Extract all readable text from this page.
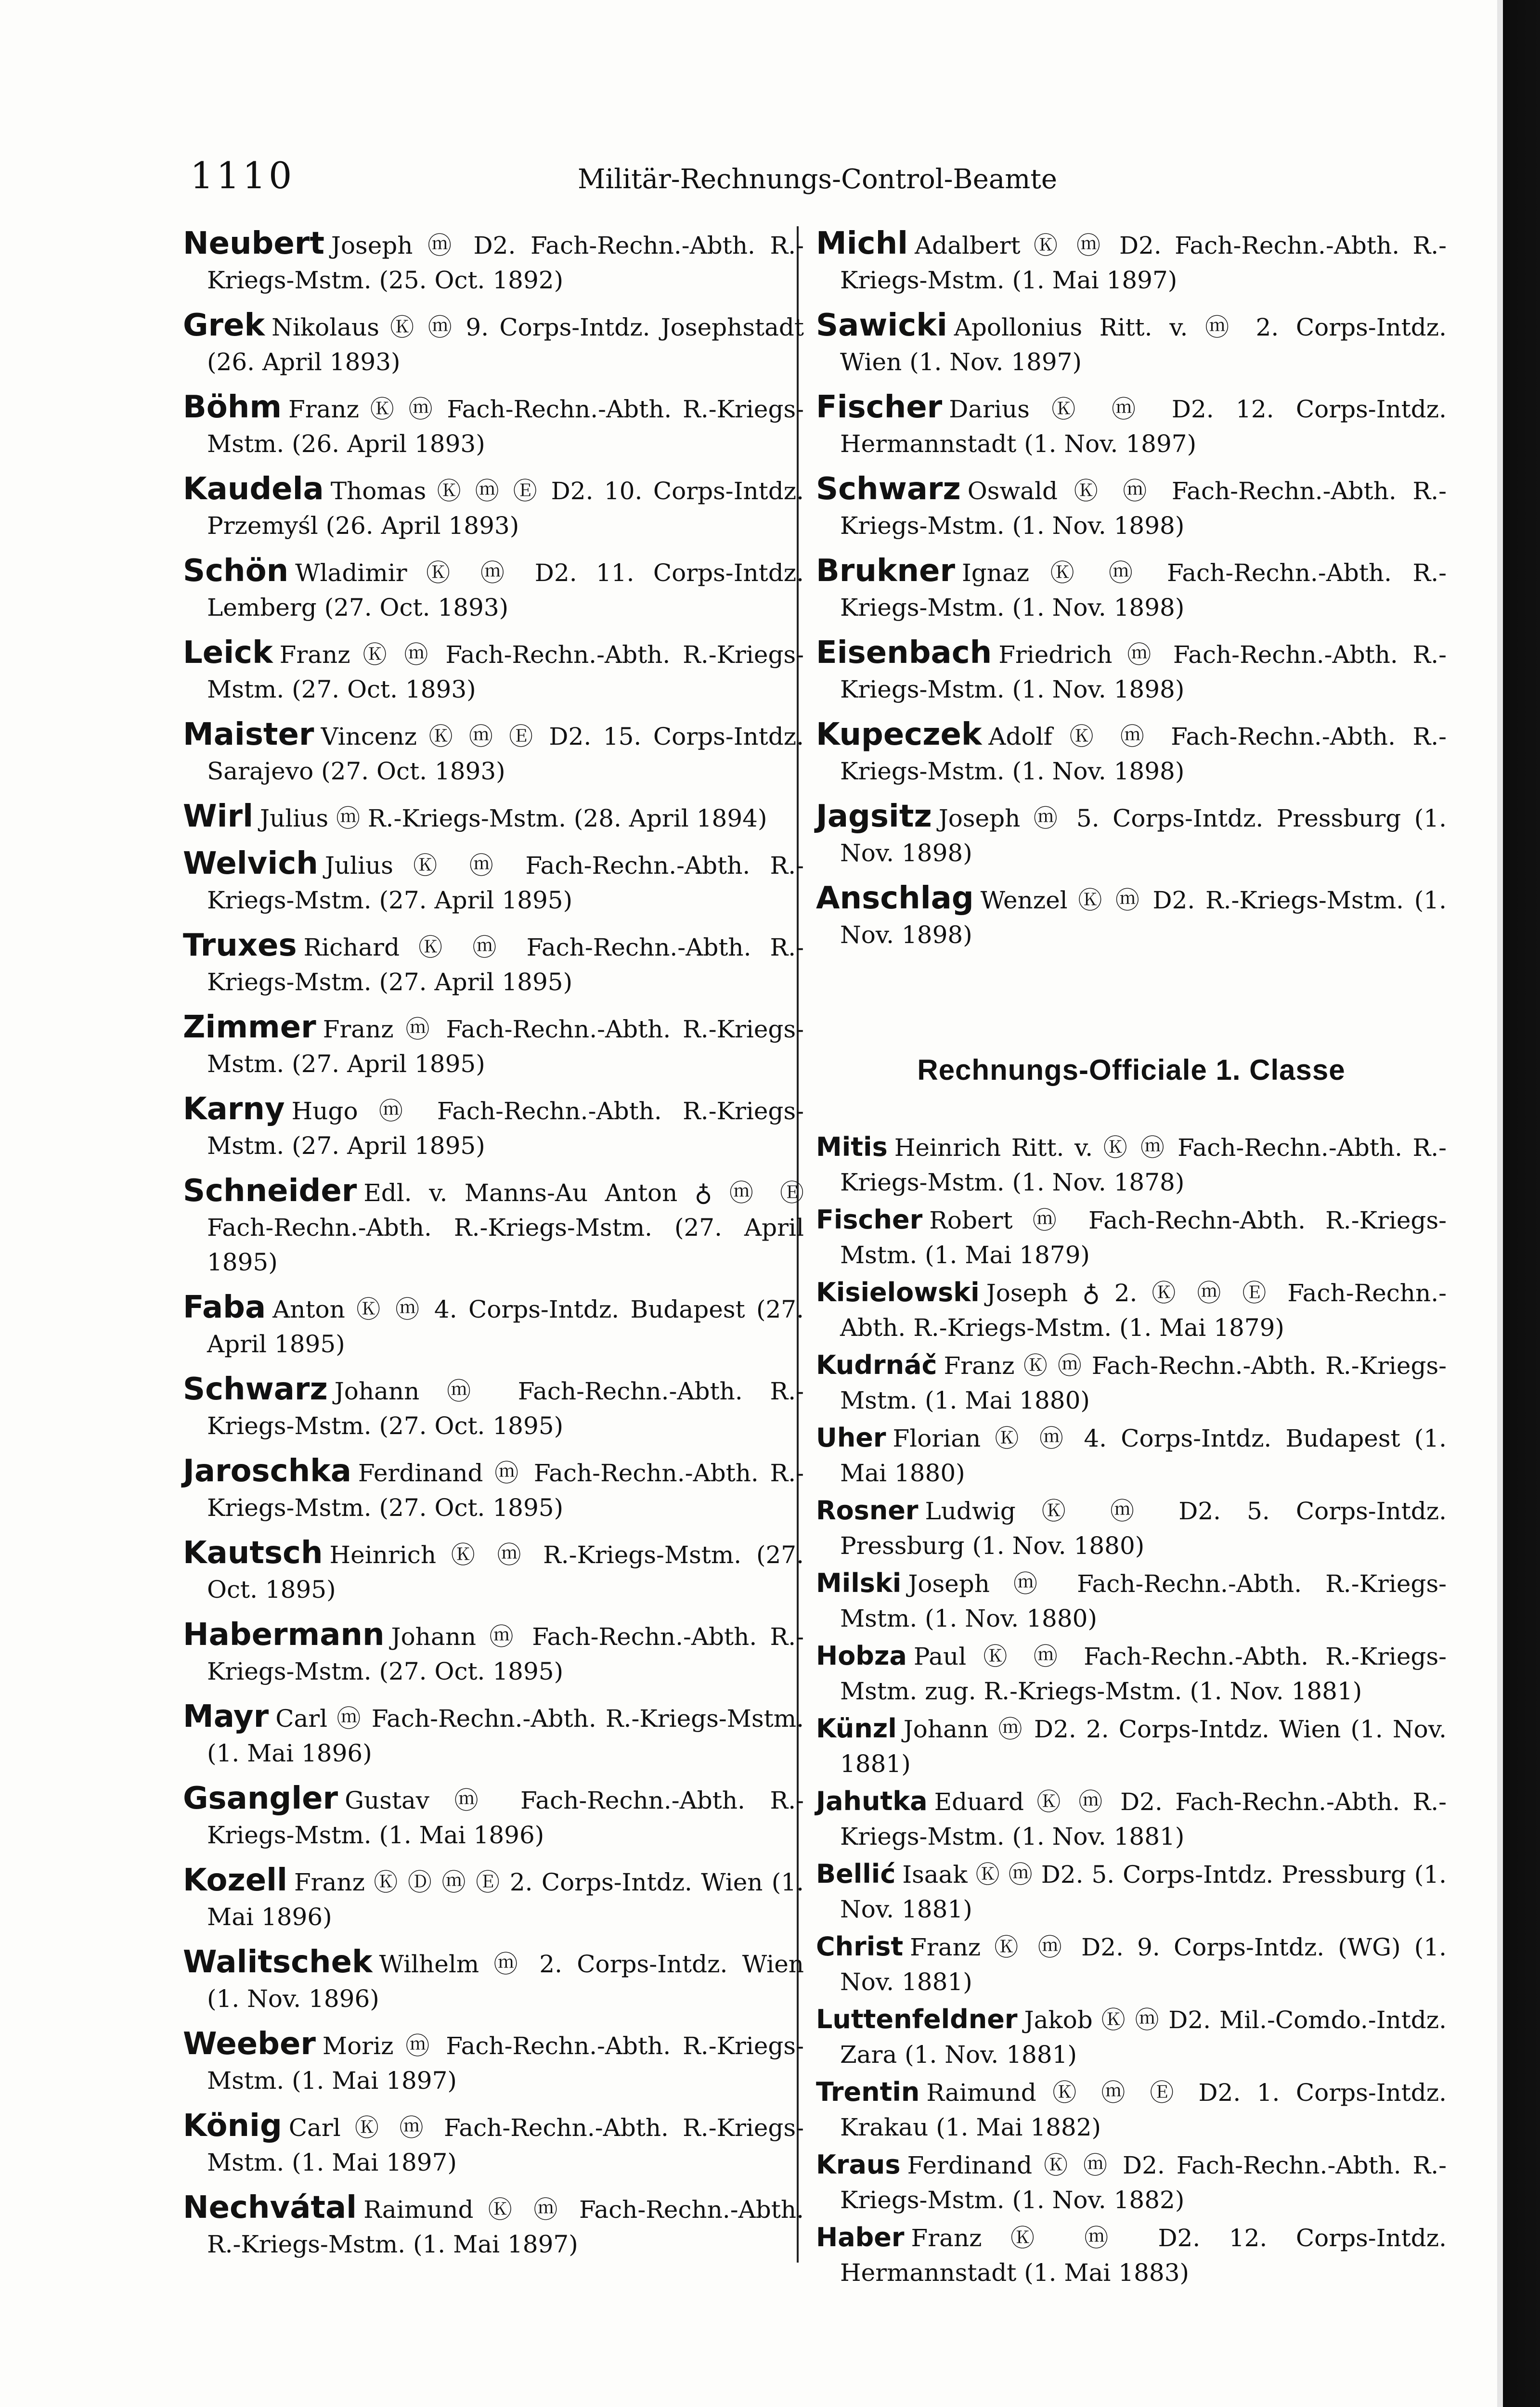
1110	Militär-Rechnungs-Control-Beamte
Neubert Joseph ⓜ D2. Fach-Rechn.-Abth. R.-Kriegs-Mstm. (25. Oct. 1892)
Grek Nikolaus Ⓚ ⓜ 9. Corps-Intdz. Josephstadt (26. April 1893)
Böhm Franz Ⓚ ⓜ Fach-Rechn.-Abth. R.-Kriegs-Mstm. (26. April 1893)
Kaudela Thomas Ⓚ ⓜ Ⓔ D2. 10. Corps-Intdz. Przemyśl (26. April 1893)
Schön Wladimir Ⓚ ⓜ D2. 11. Corps-Intdz. Lemberg (27. Oct. 1893)
Leick Franz Ⓚ ⓜ Fach-Rechn.-Abth. R.-Kriegs-Mstm. (27. Oct. 1893)
Maister Vincenz Ⓚ ⓜ Ⓔ D2. 15. Corps-Intdz. Sarajevo (27. Oct. 1893)
Wirl Julius ⓜ R.-Kriegs-Mstm. (28. April 1894)
Welvich Julius Ⓚ ⓜ Fach-Rechn.-Abth. R.-Kriegs-Mstm. (27. April 1895)
Truxes Richard Ⓚ ⓜ Fach-Rechn.-Abth. R.-Kriegs-Mstm. (27. April 1895)
Zimmer Franz ⓜ Fach-Rechn.-Abth. R.-Kriegs-Mstm. (27. April 1895)
Karny Hugo ⓜ Fach-Rechn.-Abth. R.-Kriegs-Mstm. (27. April 1895)
Schneider Edl. v. Manns-Au Anton ♁ ⓜ Ⓔ Fach-Rechn.-Abth. R.-Kriegs-Mstm. (27. April 1895)
Faba Anton Ⓚ ⓜ 4. Corps-Intdz. Budapest (27. April 1895)
Schwarz Johann ⓜ Fach-Rechn.-Abth. R.-Kriegs-Mstm. (27. Oct. 1895)
Jaroschka Ferdinand ⓜ Fach-Rechn.-Abth. R.-Kriegs-Mstm. (27. Oct. 1895)
Kautsch Heinrich Ⓚ ⓜ R.-Kriegs-Mstm. (27. Oct. 1895)
Habermann Johann ⓜ Fach-Rechn.-Abth. R.-Kriegs-Mstm. (27. Oct. 1895)
Mayr Carl ⓜ Fach-Rechn.-Abth. R.-Kriegs-Mstm. (1. Mai 1896)
Gsangler Gustav ⓜ Fach-Rechn.-Abth. R.-Kriegs-Mstm. (1. Mai 1896)
Kozell Franz Ⓚ Ⓓ ⓜ Ⓔ 2. Corps-Intdz. Wien (1. Mai 1896)
Walitschek Wilhelm ⓜ 2. Corps-Intdz. Wien (1. Nov. 1896)
Weeber Moriz ⓜ Fach-Rechn.-Abth. R.-Kriegs-Mstm. (1. Mai 1897)
König Carl Ⓚ ⓜ Fach-Rechn.-Abth. R.-Kriegs-Mstm. (1. Mai 1897)
Nechvátal Raimund Ⓚ ⓜ Fach-Rechn.-Abth. R.-Kriegs-Mstm. (1. Mai 1897)
Michl Adalbert Ⓚ ⓜ D2. Fach-Rechn.-Abth. R.-Kriegs-Mstm. (1. Mai 1897)
Sawicki Apollonius Ritt. v. ⓜ 2. Corps-Intdz. Wien (1. Nov. 1897)
Fischer Darius Ⓚ ⓜ D2. 12. Corps-Intdz. Hermannstadt (1. Nov. 1897)
Schwarz Oswald Ⓚ ⓜ Fach-Rechn.-Abth. R.-Kriegs-Mstm. (1. Nov. 1898)
Brukner Ignaz Ⓚ ⓜ Fach-Rechn.-Abth. R.-Kriegs-Mstm. (1. Nov. 1898)
Eisenbach Friedrich ⓜ Fach-Rechn.-Abth. R.-Kriegs-Mstm. (1. Nov. 1898)
Kupeczek Adolf Ⓚ ⓜ Fach-Rechn.-Abth. R.-Kriegs-Mstm. (1. Nov. 1898)
Jagsitz Joseph ⓜ 5. Corps-Intdz. Pressburg (1. Nov. 1898)
Anschlag Wenzel Ⓚ ⓜ D2. R.-Kriegs-Mstm. (1. Nov. 1898)
Rechnungs-Officiale 1. Classe
Mitis Heinrich Ritt. v. Ⓚ ⓜ Fach-Rechn.-Abth. R.-Kriegs-Mstm. (1. Nov. 1878)
Fischer Robert ⓜ Fach-Rechn-Abth. R.-Kriegs-Mstm. (1. Mai 1879)
Kisielowski Joseph ♁ 2. Ⓚ ⓜ Ⓔ Fach-Rechn.-Abth. R.-Kriegs-Mstm. (1. Mai 1879)
Kudrnáč Franz Ⓚ ⓜ Fach-Rechn.-Abth. R.-Kriegs-Mstm. (1. Mai 1880)
Uher Florian Ⓚ ⓜ 4. Corps-Intdz. Budapest (1. Mai 1880)
Rosner Ludwig Ⓚ ⓜ D2. 5. Corps-Intdz. Pressburg (1. Nov. 1880)
Milski Joseph ⓜ Fach-Rechn.-Abth. R.-Kriegs-Mstm. (1. Nov. 1880)
Hobza Paul Ⓚ ⓜ Fach-Rechn.-Abth. R.-Kriegs-Mstm. zug. R.-Kriegs-Mstm. (1. Nov. 1881)
Künzl Johann ⓜ D2. 2. Corps-Intdz. Wien (1. Nov. 1881)
Jahutka Eduard Ⓚ ⓜ D2. Fach-Rechn.-Abth. R.-Kriegs-Mstm. (1. Nov. 1881)
Bellić Isaak Ⓚ ⓜ D2. 5. Corps-Intdz. Pressburg (1. Nov. 1881)
Christ Franz Ⓚ ⓜ D2. 9. Corps-Intdz. (WG) (1. Nov. 1881)
Luttenfeldner Jakob Ⓚ ⓜ D2. Mil.-Comdo.-Intdz. Zara (1. Nov. 1881)
Trentin Raimund Ⓚ ⓜ Ⓔ D2. 1. Corps-Intdz. Krakau (1. Mai 1882)
Kraus Ferdinand Ⓚ ⓜ D2. Fach-Rechn.-Abth. R.-Kriegs-Mstm. (1. Nov. 1882)
Haber Franz Ⓚ ⓜ D2. 12. Corps-Intdz. Hermannstadt (1. Mai 1883)
